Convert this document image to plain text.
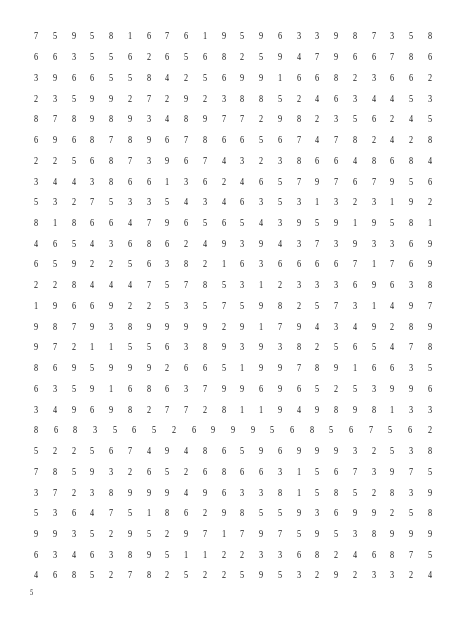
7	5	9	5	8	1	6	7	6	1	9	5	9	6	3	3	9	8	7	3	5	8
6	6	3	5	5	6	2	6	5	6	8	2	5	9	4	7	9	6	6	7	8	6
3	9	6	6	5	5	8	4	2	5	6	9	9	1	6	6	8	2	3	6	6	2
2	3	5	9	9	2	7	2	9	2	3	8	8	5	2	4	6	3	4	4	5	3
8	7	8	9	8	9	3	4	8	9	7	7	2	9	8	2	3	5	6	2	4	5
6	9	6	8	7	8	9	6	7	8	6	6	5	6	7	4	7	8	2	4	2	8
2	2	5	6	8	7	3	9	6	7	4	3	2	3	8	6	6	4	8	6	8	4
3	4	4	3	8	6	6	1	3	6	2	4	6	5	7	9	7	6	7	9	5	6
5	3	2	7	5	3	3	5	4	3	4	6	3	5	3	1	3	2	3	1	9	2
8	1	8	6	6	4	7	9	6	5	6	5	4	3	9	5	9	1	9	5	8	1
4	6	5	4	3	6	8	6	2	4	9	3	9	4	3	7	3	9	3	3	6	9
6	5	9	2	2	5	6	3	8	2	1	6	3	6	6	6	6	7	1	7	6	9
2	2	8	4	4	4	7	5	7	8	5	3	1	2	3	3	3	6	9	6	3	8
1	9	6	6	9	2	2	5	3	5	7	5	9	8	2	5	7	3	1	4	9	7
9	8	7	9	3	8	9	9	9	9	2	9	1	7	9	4	3	4	9	2	8	9
9	7	2	1	1	5	5	6	3	8	9	3	9	3	8	2	5	6	5	4	7	8
8	6	9	5	9	9	9	2	6	6	5	1	9	9	7	8	9	1	6	6	3	5
6	3	5	9	1	6	8	6	3	7	9	9	6	9	6	5	2	5	3	9	9	6
3	4	9	6	9	8	2	7	7	2	8	1	1	9	4	9	8	9	8	1	3	3
8	6	8	3	5	6	5	2	6	9	9	9	5	6	8	5	6	7	5	6	2
5	2	2	5	6	7	4	9	4	8	6	5	9	6	9	9	9	3	2	5	3	8
7	8	5	9	3	2	6	5	2	6	8	6	6	3	1	5	6	7	3	9	7	5
3	7	2	3	8	9	9	9	4	9	6	3	3	8	1	5	8	5	2	8	3	9
5	3	6	4	7	5	1	8	6	2	9	8	5	5	9	3	6	9	9	2	5	8
9	9	3	5	2	9	5	2	9	7	1	7	9	7	5	9	5	3	8	9	9	9
6	3	4	6	3	8	9	5	1	1	2	2	3	3	6	8	2	4	6	8	7	5
4	6	8	5	2	7	8	2	5	2	2	5	9	5	3	2	9	2	3	3	2	4
5
